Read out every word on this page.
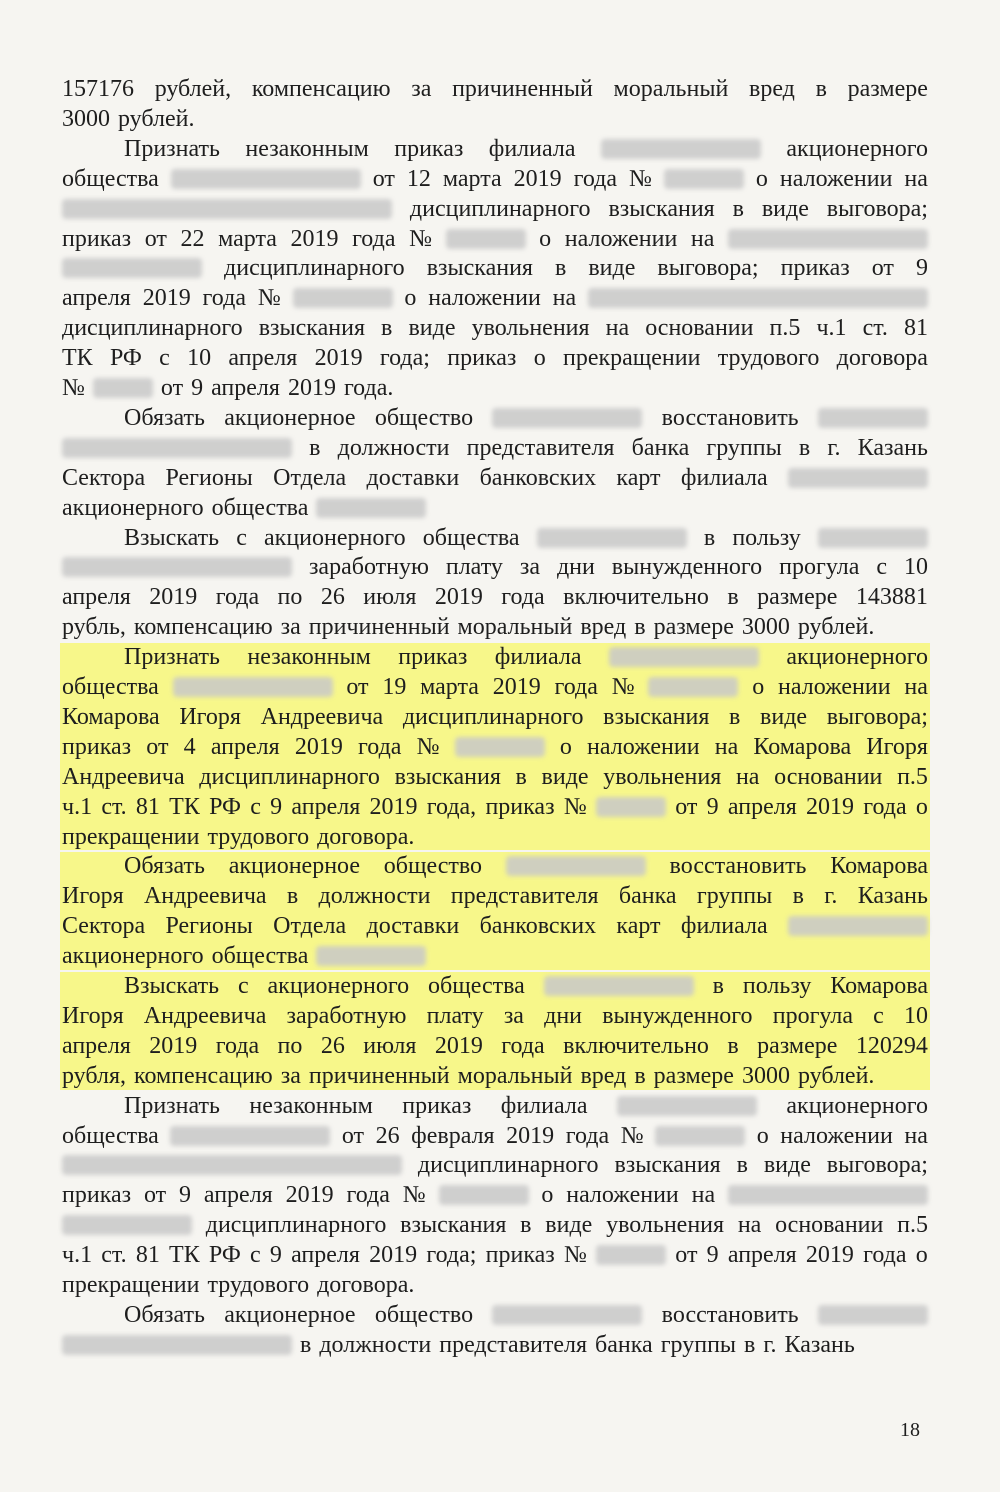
157176 рублей, компенсацию за причиненный моральный вред в размере
3000 рублей.
Признать незаконным приказ филиала	акционерного
общества	от 12 марта 2019 года №	о наложении на
дисциплинарного взыскания в виде выговора;
приказ от 22 марта 2019 года №	о наложении на
дисциплинарного взыскания в виде выговора; приказ от 9
апреля 2019 года №	о наложении на
дисциплинарного взыскания в виде увольнения на основании п.5 ч.1 ст. 81
ТК РФ с 10 апреля 2019 года; приказ о прекращении трудового договора
№	от 9 апреля 2019 года.
Обязать акционерное общество	восстановить
в должности представителя банка группы в г. Казань
Сектора Регионы Отдела доставки банковских карт филиала
акционерного общества
Взыскать с акционерного общества	в пользу
заработную плату за дни вынужденного прогула с 10
апреля 2019 года по 26 июля 2019 года включительно в размере 143881
рубль, компенсацию за причиненный моральный вред в размере 3000 рублей.
Признать незаконным приказ филиала	акционерного
общества	от 19 марта 2019 года №	о наложении на
Комарова Игоря Андреевича дисциплинарного взыскания в виде выговора;
приказ от 4 апреля 2019 года №	о наложении на Комарова Игоря
Андреевича дисциплинарного взыскания в виде увольнения на основании п.5
ч.1 ст. 81 ТК РФ с 9 апреля 2019 года, приказ №	от 9 апреля 2019 года о
прекращении трудового договора.
Обязать акционерное общество	восстановить Комарова
Игоря Андреевича в должности представителя банка группы в г. Казань
Сектора Регионы Отдела доставки банковских карт филиала
акционерного общества
Взыскать с акционерного общества	в пользу Комарова
Игоря Андреевича заработную плату за дни вынужденного прогула с 10
апреля 2019 года по 26 июля 2019 года включительно в размере 120294
рубля, компенсацию за причиненный моральный вред в размере 3000 рублей.
Признать незаконным приказ филиала	акционерного
общества	от 26 февраля 2019 года №	о наложении на
дисциплинарного взыскания в виде выговора;
приказ от 9 апреля 2019 года №	о наложении на
дисциплинарного взыскания в виде увольнения на основании п.5
ч.1 ст. 81 ТК РФ с 9 апреля 2019 года; приказ №	от 9 апреля 2019 года о
прекращении трудового договора.
Обязать акционерное общество	восстановить
в должности представителя банка группы в г. Казань
18
